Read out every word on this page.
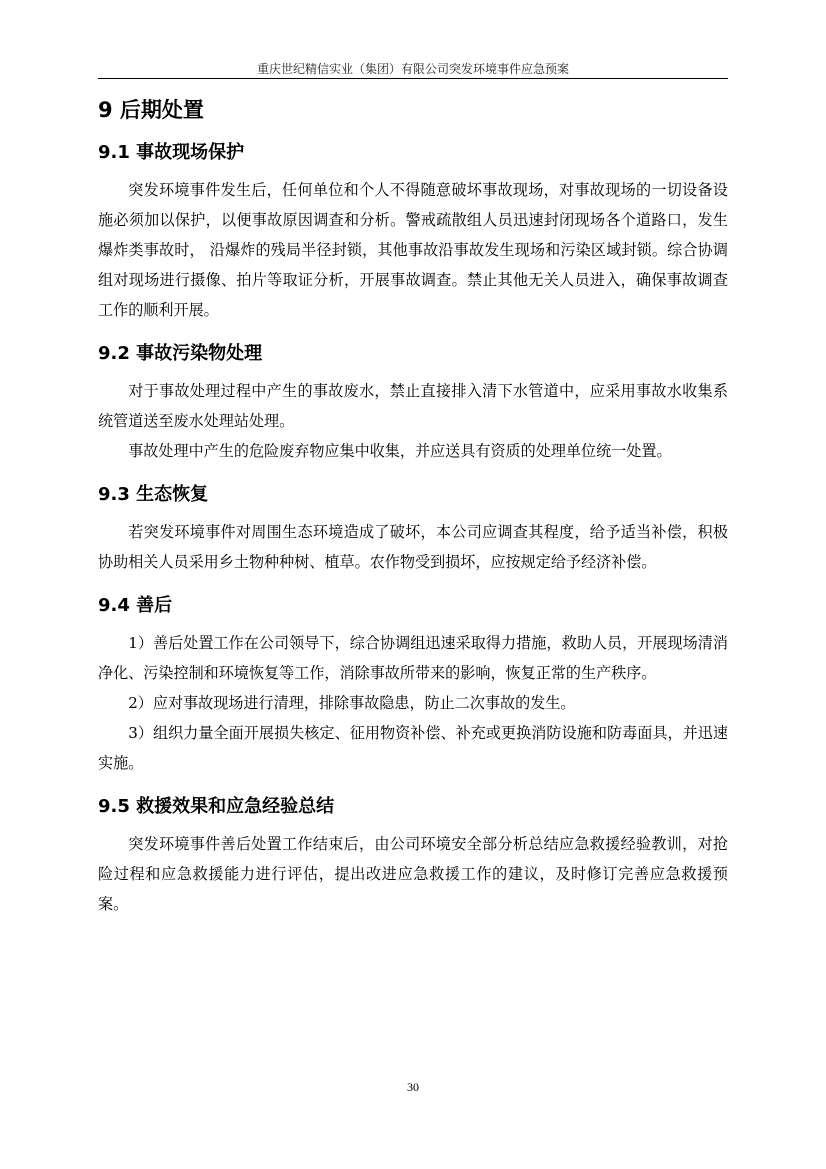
重庆世纪精信实业（集团）有限公司突发环境事件应急预案
9 后期处置
9.1 事故现场保护

突发环境事件发生后，任何单位和个人不得随意破坏事故现场，对事故现场的一切设备设施必须加以保护，以便事故原因调查和分析。警戒疏散组人员迅速封闭现场各个道路口，发生爆炸类事故时， 沿爆炸的残局半径封锁，其他事故沿事故发生现场和污染区域封锁。综合协调组对现场进行摄像、拍片等取证分析，开展事故调查。禁止其他无关人员进入，确保事故调查工作的顺利开展。

9.2 事故污染物处理

对于事故处理过程中产生的事故废水，禁止直接排入清下水管道中，应采用事故水收集系统管道送至废水处理站处理。

事故处理中产生的危险废弃物应集中收集，并应送具有资质的处理单位统一处置。

9.3 生态恢复

若突发环境事件对周围生态环境造成了破坏，本公司应调查其程度，给予适当补偿，积极协助相关人员采用乡土物种种树、植草。农作物受到损坏，应按规定给予经济补偿。

9.4 善后

1）善后处置工作在公司领导下，综合协调组迅速采取得力措施，救助人员，开展现场清消净化、污染控制和环境恢复等工作，消除事故所带来的影响，恢复正常的生产秩序。

2）应对事故现场进行清理，排除事故隐患，防止二次事故的发生。

3）组织力量全面开展损失核定、征用物资补偿、补充或更换消防设施和防毒面具，并迅速实施。

9.5 救援效果和应急经验总结

突发环境事件善后处置工作结束后，由公司环境安全部分析总结应急救援经验教训，对抢险过程和应急救援能力进行评估，提出改进应急救援工作的建议，及时修订完善应急救援预案。

30
